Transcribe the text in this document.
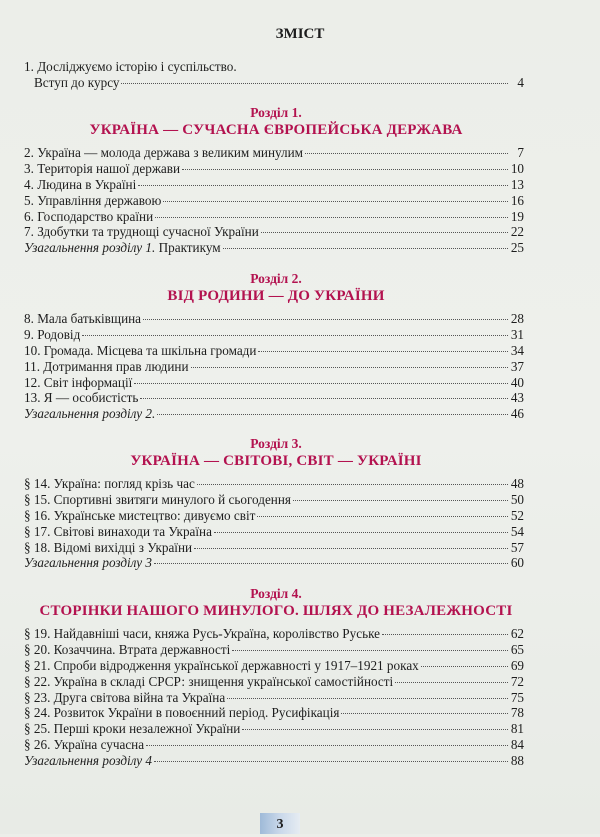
ЗМІСТ
1. Досліджуємо історію і суспільство.
Вступ до курсу	4
Розділ 1.
УКРАЇНА — СУЧАСНА ЄВРОПЕЙСЬКА ДЕРЖАВА
2. Україна — молода держава з великим минулим	7
3. Територія нашої держави	10
4. Людина в Україні	13
5. Управління державою	16
6. Господарство країни	19
7. Здобутки та труднощі сучасної України	22
Узагальнення розділу 1. Практикум	25
Розділ 2.
ВІД РОДИНИ — ДО УКРАЇНИ
8. Мала батьківщина	28
9. Родовід	31
10. Громада. Місцева та шкільна громади	34
11. Дотримання прав людини	37
12. Світ інформації	40
13. Я — особистість	43
Узагальнення розділу 2.	46
Розділ 3.
УКРАЇНА — СВІТОВІ, СВІТ — УКРАЇНІ
§ 14. Україна: погляд крізь час	48
§ 15. Спортивні звитяги минулого й сьогодення	50
§ 16. Українське мистецтво: дивуємо світ	52
§ 17. Світові винаходи та Україна	54
§ 18. Відомі вихідці з України	57
Узагальнення розділу 3	60
Розділ 4.
СТОРІНКИ НАШОГО МИНУЛОГО. ШЛЯХ ДО НЕЗАЛЕЖНОСТІ
§ 19. Найдавніші часи, княжа Русь-Україна, королівство Руське	62
§ 20. Козаччина. Втрата державності	65
§ 21. Спроби відродження української державності у 1917–1921 роках	69
§ 22. Україна в складі СРСР: знищення української самостійності	72
§ 23. Друга світова війна та Україна	75
§ 24. Розвиток України в повоєнний період. Русифікація	78
§ 25. Перші кроки незалежної України	81
§ 26. Україна сучасна	84
Узагальнення розділу 4	88
3
